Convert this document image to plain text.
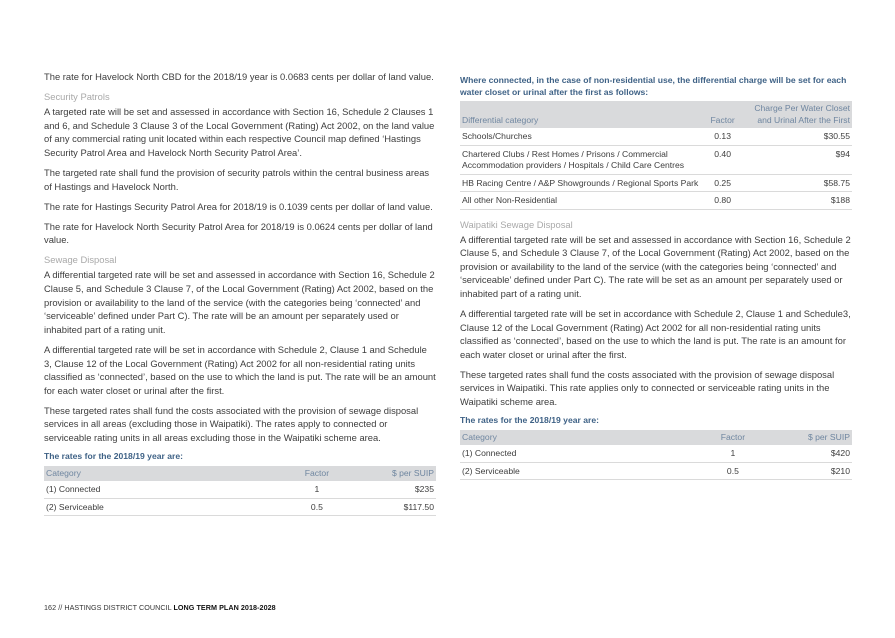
The rate for Havelock North CBD for the 2018/19 year is 0.0683 cents per dollar of land value.

Security Patrols

A targeted rate will be set and assessed in accordance with Section 16, Schedule 2 Clauses 1 and 6, and Schedule 3 Clause 3 of the Local Government (Rating) Act 2002, on the land value of any commercial rating unit located within each respective Council map defined ‘Hastings Security Patrol Area and Havelock North Security Patrol Area’.

The targeted rate shall fund the provision of security patrols within the central business areas of Hastings and Havelock North.

The rate for Hastings Security Patrol Area for 2018/19 is 0.1039 cents per dollar of land value.

The rate for Havelock North Security Patrol Area for 2018/19 is 0.0624 cents per dollar of land value.

Sewage Disposal

A differential targeted rate will be set and assessed in accordance with Section 16, Schedule 2 Clause 5, and Schedule 3 Clause 7, of the Local Government (Rating) Act 2002, based on the provision or availability to the land of the service (with the categories being ‘connected’ and ‘serviceable’ defined under Part C). The rate will be an amount per separately used or inhabited part of a rating unit.

A differential targeted rate will be set in accordance with Schedule 2, Clause 1 and Schedule 3, Clause 12 of the Local Government (Rating) Act 2002 for all non-residential rating units classified as ‘connected’, based on the use to which the land is put. The rate will be an amount for each water closet or urinal after the first.

These targeted rates shall fund the costs associated with the provision of sewage disposal services in all areas (excluding those in Waipatiki). The rates apply to connected or serviceable rating units in all areas excluding those in the Waipatiki scheme area.

The rates for the 2018/19 year are:
Category	Factor	$ per SUIP
(1) Connected	1	$235
(2) Serviceable	0.5	$117.50
Where connected, in the case of non-residential use, the differential charge will be set for each water closet or urinal after the first as follows:
Differential category	Factor	Charge Per Water Closet and Urinal After the First
Schools/Churches	0.13	$30.55
Chartered Clubs / Rest Homes / Prisons / Commercial Accommodation providers / Hospitals / Child Care Centres	0.40	$94
HB Racing Centre / A&P Showgrounds / Regional Sports Park	0.25	$58.75
All other Non-Residential	0.80	$188
Waipatiki Sewage Disposal

A differential targeted rate will be set and assessed in accordance with Section 16, Schedule 2 Clause 5, and Schedule 3 Clause 7, of the Local Government (Rating) Act 2002, based on the provision or availability to the land of the service (with the categories being ‘connected’ and ‘serviceable’ defined under Part C). The rate will be set as an amount per separately used or inhabited part of a rating unit.

A differential targeted rate will be set in accordance with Schedule 2, Clause 1 and Schedule3, Clause 12 of the Local Government (Rating) Act 2002 for all non-residential rating units classified as ‘connected’, based on the use to which the land is put. The rate is an amount for each water closet or urinal after the first.

These targeted rates shall fund the costs associated with the provision of sewage disposal services in Waipatiki. This rate applies only to connected or serviceable rating units in the Waipatiki scheme area.

The rates for the 2018/19 year are:
Category	Factor	$ per SUIP
(1) Connected	1	$420
(2) Serviceable	0.5	$210
162 // HASTINGS DISTRICT COUNCIL LONG TERM PLAN 2018-2028
